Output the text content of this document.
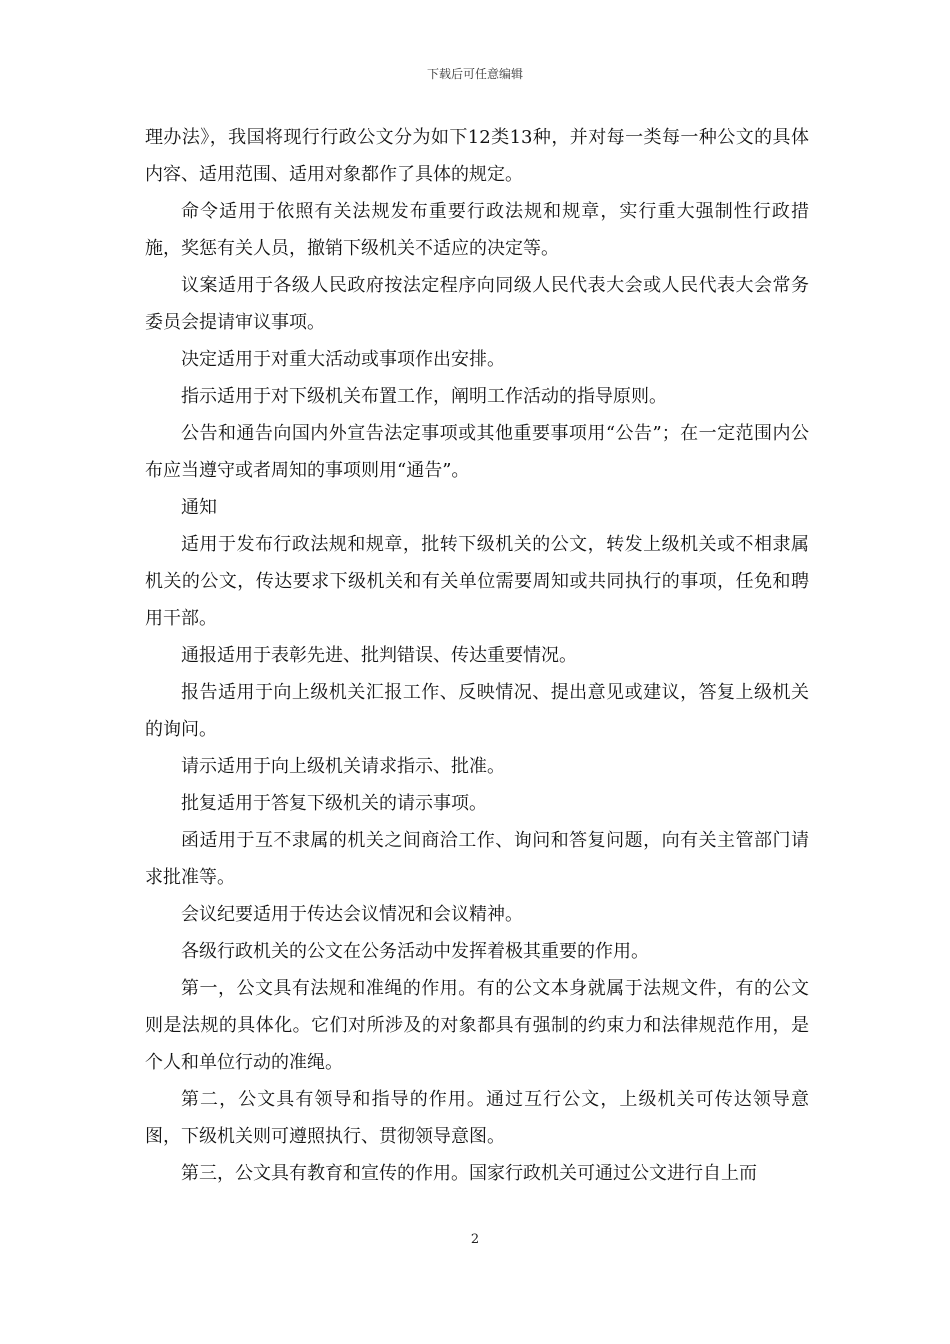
下载后可任意编辑

理办法》，我国将现行行政公文分为如下12类13种，并对每一类每一种公文的具体内容、适用范围、适用对象都作了具体的规定。

命令适用于依照有关法规发布重要行政法规和规章，实行重大强制性行政措施，奖惩有关人员，撤销下级机关不适应的决定等。

议案适用于各级人民政府按法定程序向同级人民代表大会或人民代表大会常务委员会提请审议事项。

决定适用于对重大活动或事项作出安排。

指示适用于对下级机关布置工作，阐明工作活动的指导原则。

公告和通告向国内外宣告法定事项或其他重要事项用“公告”；在一定范围内公布应当遵守或者周知的事项则用“通告”。

通知

适用于发布行政法规和规章，批转下级机关的公文，转发上级机关或不相隶属机关的公文，传达要求下级机关和有关单位需要周知或共同执行的事项，任免和聘用干部。

通报适用于表彰先进、批判错误、传达重要情况。

报告适用于向上级机关汇报工作、反映情况、提出意见或建议，答复上级机关的询问。

请示适用于向上级机关请求指示、批准。

批复适用于答复下级机关的请示事项。

函适用于互不隶属的机关之间商洽工作、询问和答复问题，向有关主管部门请求批准等。

会议纪要适用于传达会议情况和会议精神。

各级行政机关的公文在公务活动中发挥着极其重要的作用。

第一，公文具有法规和准绳的作用。有的公文本身就属于法规文件，有的公文则是法规的具体化。它们对所涉及的对象都具有强制的约束力和法律规范作用，是个人和单位行动的准绳。

第二，公文具有领导和指导的作用。通过互行公文，上级机关可传达领导意图，下级机关则可遵照执行、贯彻领导意图。

第三，公文具有教育和宣传的作用。国家行政机关可通过公文进行自上而

2
